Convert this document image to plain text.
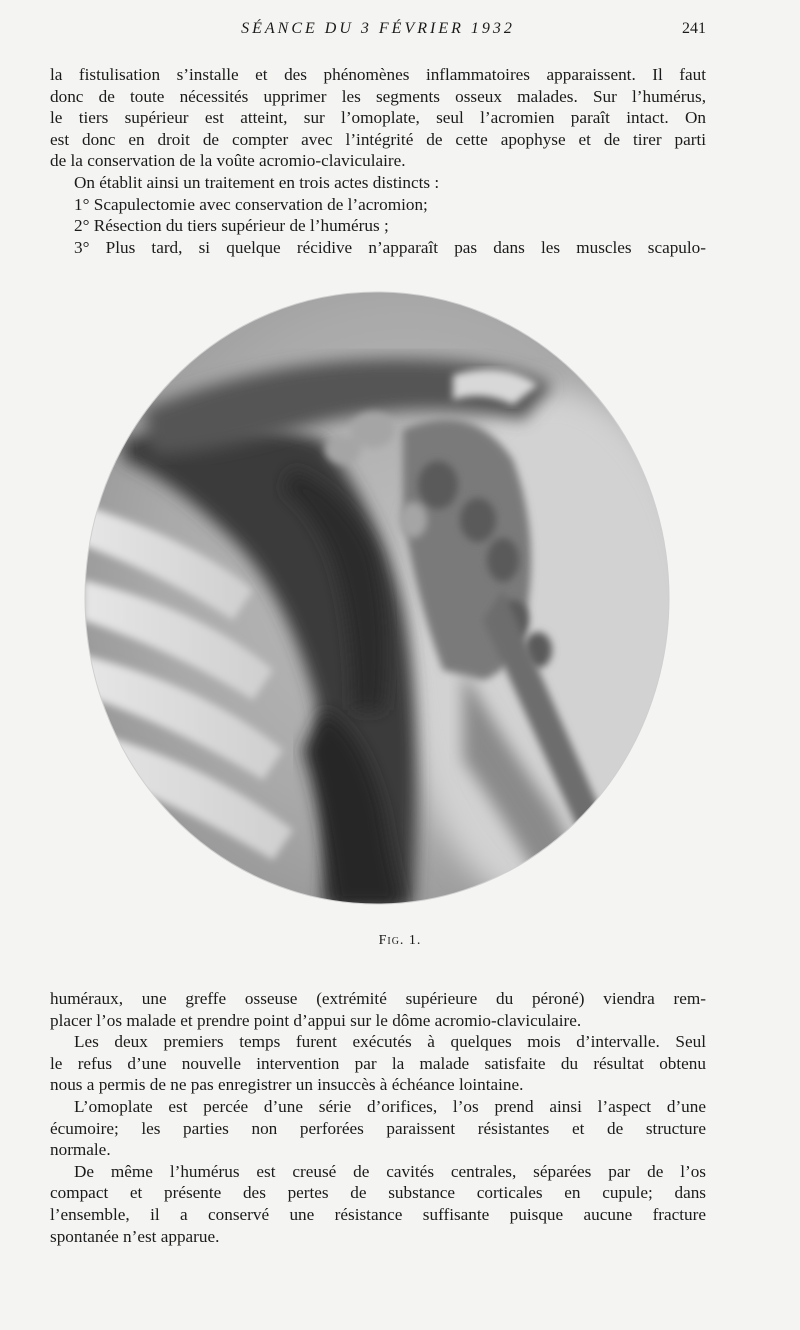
SÉANCE DU 3 FÉVRIER 1932	241
la fistulisation s’installe et des phénomènes inflammatoires apparaissent. Il faut
donc de toute nécessités upprimer les segments osseux malades. Sur l’humérus,
le tiers supérieur est atteint, sur l’omoplate, seul l’acromien paraît intact. On
est donc en droit de compter avec l’intégrité de cette apophyse et de tirer parti
de la conservation de la voûte acromio-claviculaire.
On établit ainsi un traitement en trois actes distincts :
1° Scapulectomie avec conservation de l’acromion;
2° Résection du tiers supérieur de l’humérus ;
3° Plus tard, si quelque récidive n’apparaît pas dans les muscles scapulo-
Fig. 1.
huméraux, une greffe osseuse (extrémité supérieure du péroné) viendra rem-
placer l’os malade et prendre point d’appui sur le dôme acromio-claviculaire.
Les deux premiers temps furent exécutés à quelques mois d’intervalle. Seul
le refus d’une nouvelle intervention par la malade satisfaite du résultat obtenu
nous a permis de ne pas enregistrer un insuccès à échéance lointaine.
L’omoplate est percée d’une série d’orifices, l’os prend ainsi l’aspect d’une
écumoire; les parties non perforées paraissent résistantes et de structure
normale.
De même l’humérus est creusé de cavités centrales, séparées par de l’os
compact et présente des pertes de substance corticales en cupule; dans
l’ensemble, il a conservé une résistance suffisante puisque aucune fracture
spontanée n’est apparue.
